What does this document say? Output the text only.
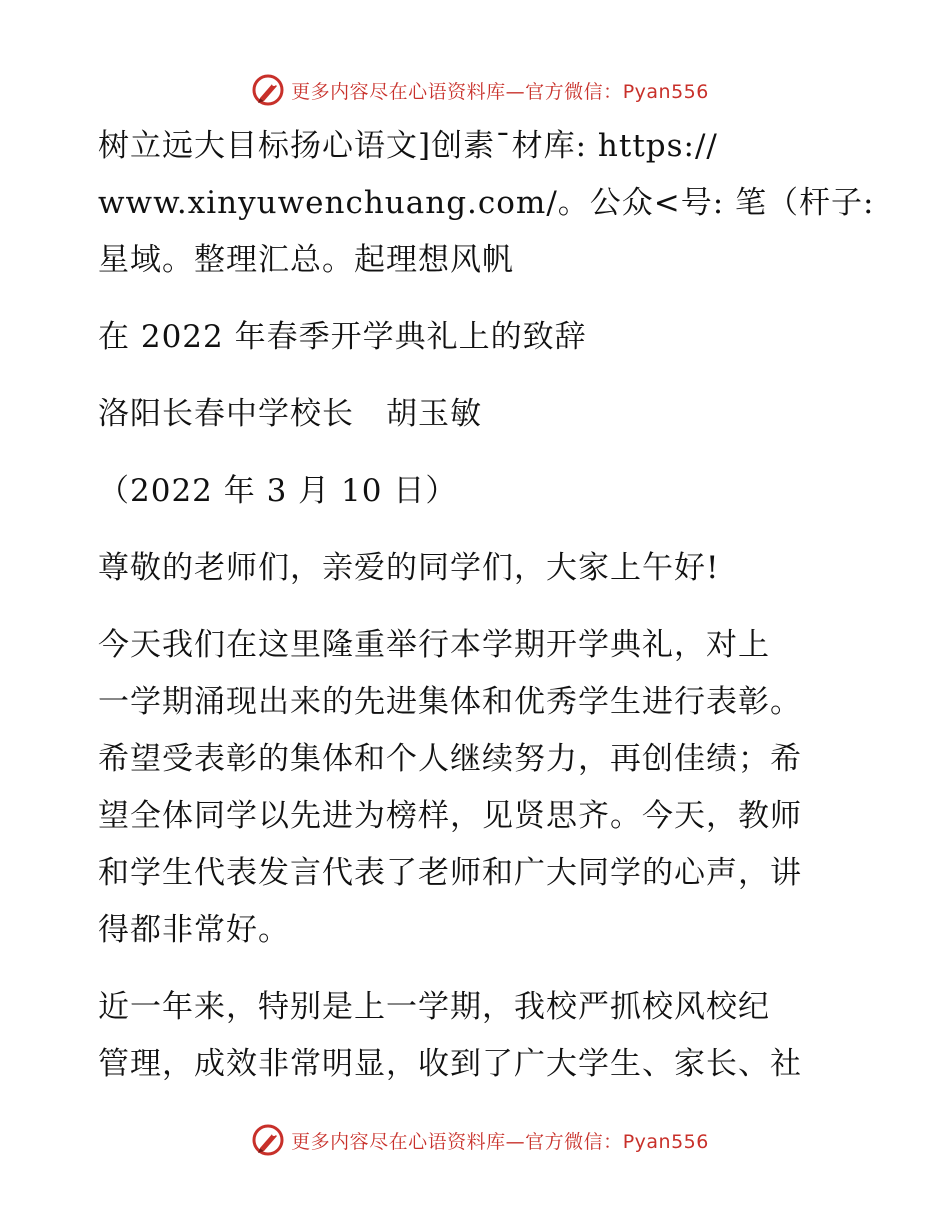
更多内容尽在心语资料库—官方微信：Pyan556

树立远大目标扬心语文]创素¯材库: https://
www.xinyuwenchuang.com/。公众<号: 笔（杆子:
星域。整理汇总。起理想风帆

在 2022 年春季开学典礼上的致辞

洛阳长春中学校长　胡玉敏

（2022 年 3 月 10 日）

尊敬的老师们，亲爱的同学们，大家上午好!

今天我们在这里隆重举行本学期开学典礼，对上
一学期涌现出来的先进集体和优秀学生进行表彰。
希望受表彰的集体和个人继续努力，再创佳绩；希
望全体同学以先进为榜样，见贤思齐。今天，教师
和学生代表发言代表了老师和广大同学的心声，讲
得都非常好。

近一年来，特别是上一学期，我校严抓校风校纪
管理，成效非常明显，收到了广大学生、家长、社

更多内容尽在心语资料库—官方微信：Pyan556
